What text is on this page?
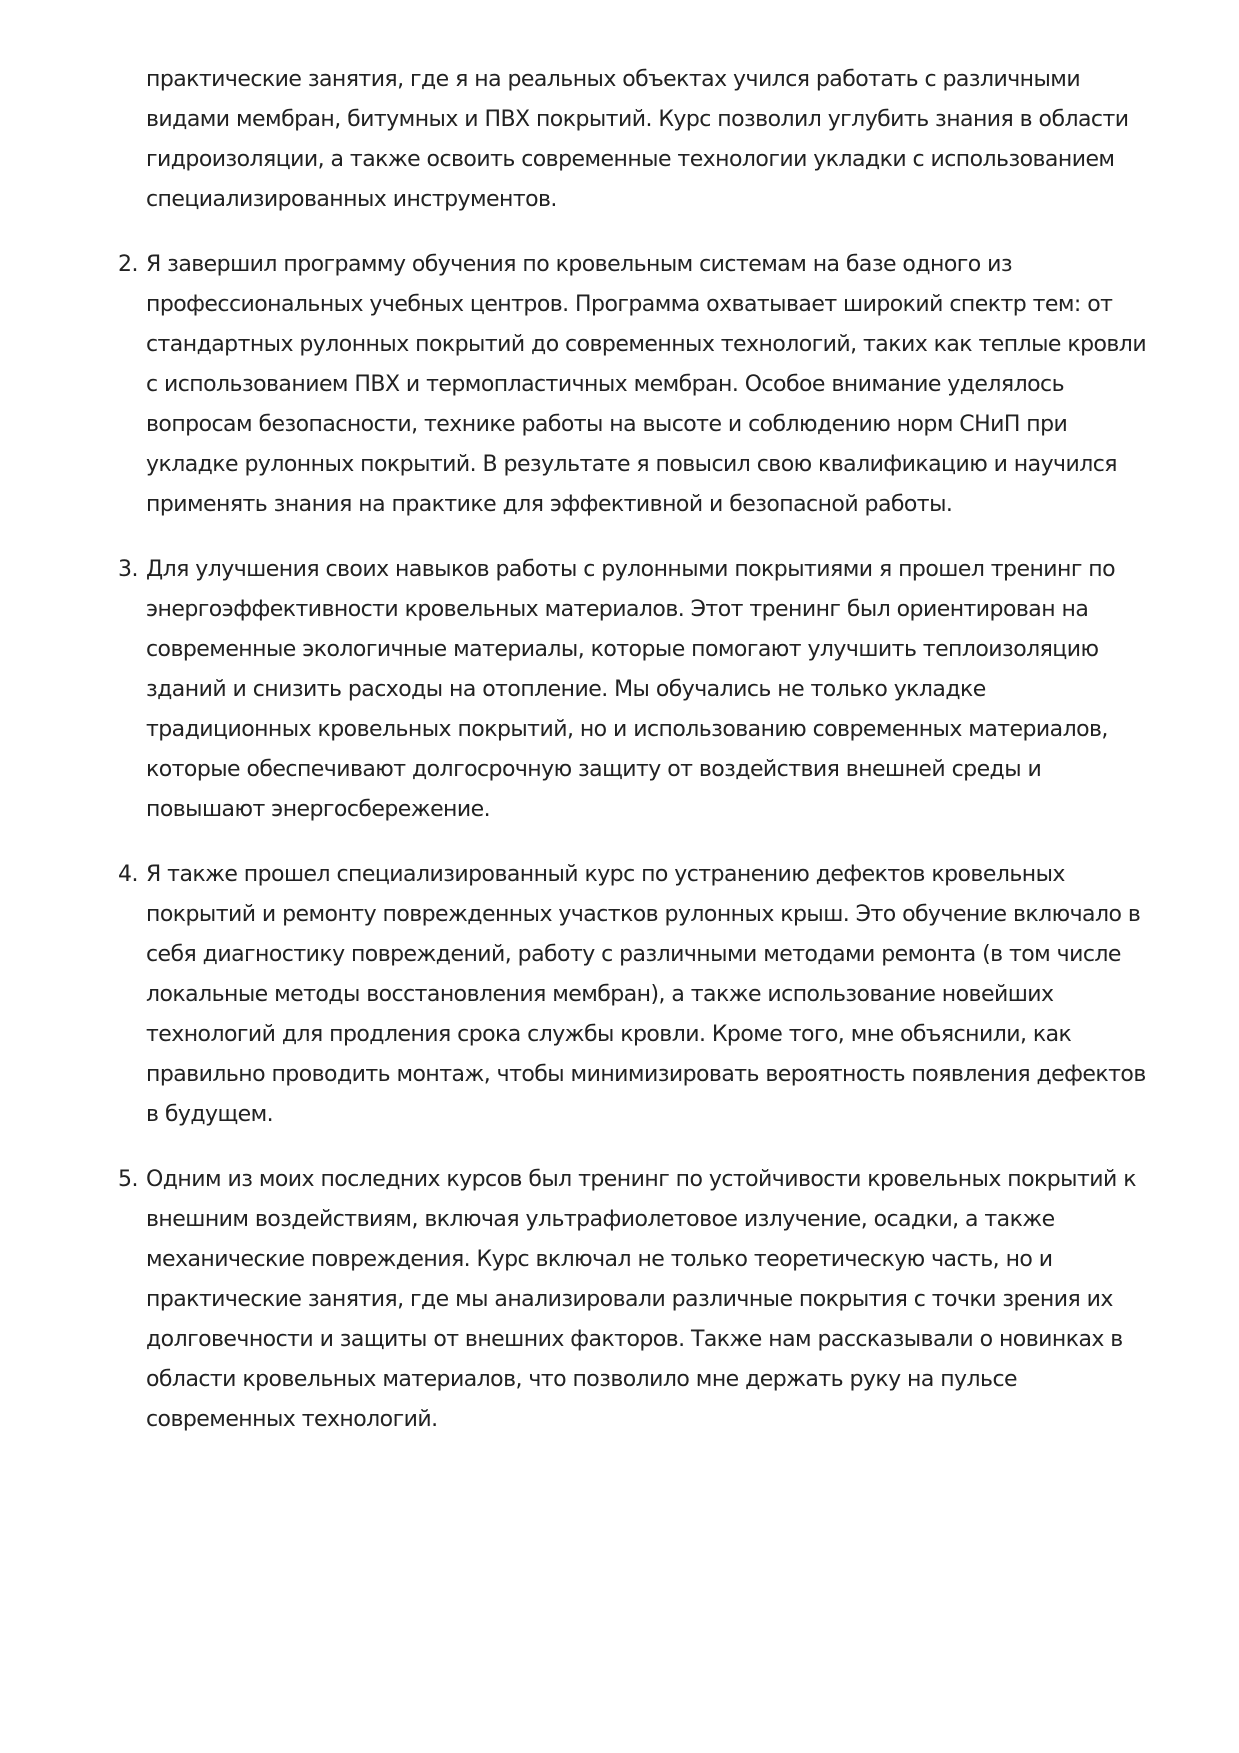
практические занятия, где я на реальных объектах учился работать с различными видами мембран, битумных и ПВХ покрытий. Курс позволил углубить знания в области гидроизоляции, а также освоить современные технологии укладки с использованием специализированных инструментов.
2. Я завершил программу обучения по кровельным системам на базе одного из профессиональных учебных центров. Программа охватывает широкий спектр тем: от стандартных рулонных покрытий до современных технологий, таких как теплые кровли с использованием ПВХ и термопластичных мембран. Особое внимание уделялось вопросам безопасности, технике работы на высоте и соблюдению норм СНиП при укладке рулонных покрытий. В результате я повысил свою квалификацию и научился применять знания на практике для эффективной и безопасной работы.
3. Для улучшения своих навыков работы с рулонными покрытиями я прошел тренинг по энергоэффективности кровельных материалов. Этот тренинг был ориентирован на современные экологичные материалы, которые помогают улучшить теплоизоляцию зданий и снизить расходы на отопление. Мы обучались не только укладке традиционных кровельных покрытий, но и использованию современных материалов, которые обеспечивают долгосрочную защиту от воздействия внешней среды и повышают энергосбережение.
4. Я также прошел специализированный курс по устранению дефектов кровельных покрытий и ремонту поврежденных участков рулонных крыш. Это обучение включало в себя диагностику повреждений, работу с различными методами ремонта (в том числе локальные методы восстановления мембран), а также использование новейших технологий для продления срока службы кровли. Кроме того, мне объяснили, как правильно проводить монтаж, чтобы минимизировать вероятность появления дефектов в будущем.
5. Одним из моих последних курсов был тренинг по устойчивости кровельных покрытий к внешним воздействиям, включая ультрафиолетовое излучение, осадки, а также механические повреждения. Курс включал не только теоретическую часть, но и практические занятия, где мы анализировали различные покрытия с точки зрения их долговечности и защиты от внешних факторов. Также нам рассказывали о новинках в области кровельных материалов, что позволило мне держать руку на пульсе современных технологий.
